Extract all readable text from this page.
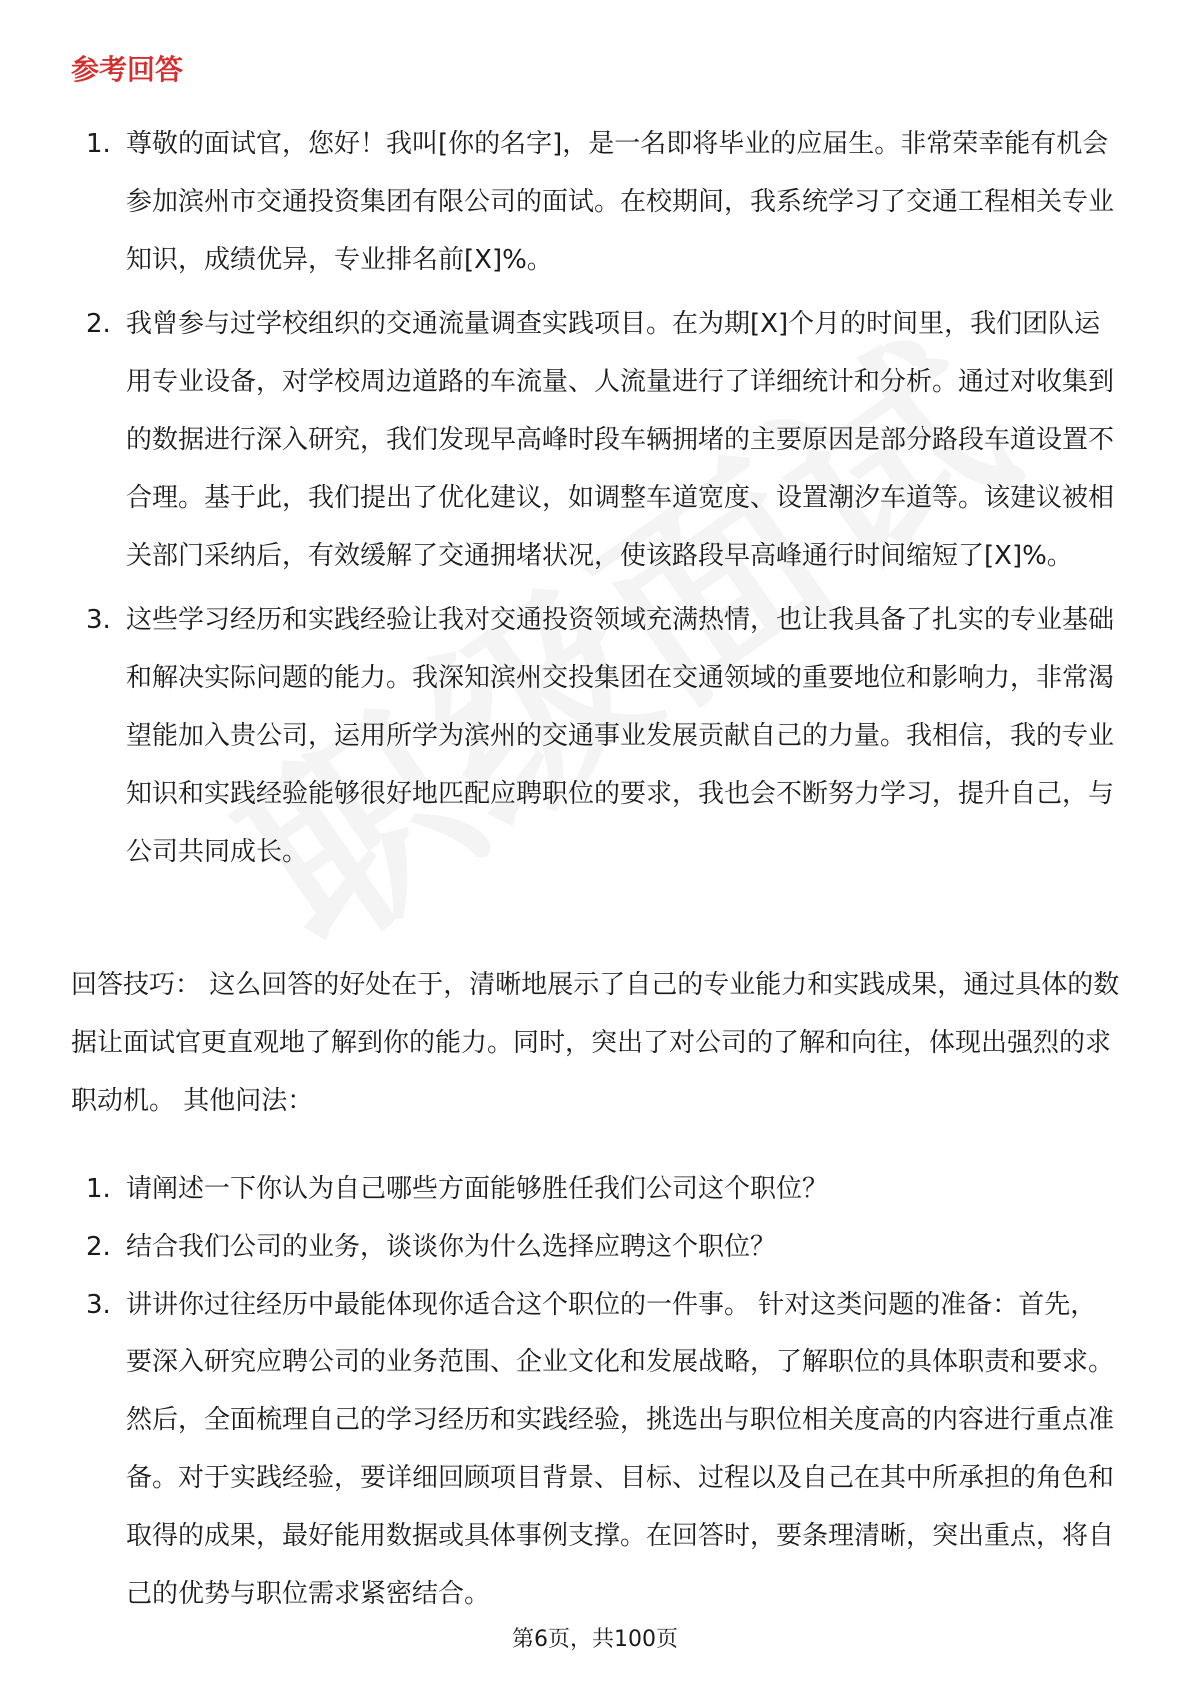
参考回答
1. 尊敬的面试官，您好！我叫[你的名字]，是一名即将毕业的应届生。非常荣幸能有机会参加滨州市交通投资集团有限公司的面试。在校期间，我系统学习了交通工程相关专业知识，成绩优异，专业排名前[X]%。
2. 我曾参与过学校组织的交通流量调查实践项目。在为期[X]个月的时间里，我们团队运用专业设备，对学校周边道路的车流量、人流量进行了详细统计和分析。通过对收集到的数据进行深入研究，我们发现早高峰时段车辆拥堵的主要原因是部分路段车道设置不合理。基于此，我们提出了优化建议，如调整车道宽度、设置潮汐车道等。该建议被相关部门采纳后，有效缓解了交通拥堵状况，使该路段早高峰通行时间缩短了[X]%。
3. 这些学习经历和实践经验让我对交通投资领域充满热情，也让我具备了扎实的专业基础和解决实际问题的能力。我深知滨州交投集团在交通领域的重要地位和影响力，非常渴望能加入贵公司，运用所学为滨州的交通事业发展贡献自己的力量。我相信，我的专业知识和实践经验能够很好地匹配应聘职位的要求，我也会不断努力学习，提升自己，与公司共同成长。

回答技巧： 这么回答的好处在于，清晰地展示了自己的专业能力和实践成果，通过具体的数据让面试官更直观地了解到你的能力。同时，突出了对公司的了解和向往，体现出强烈的求职动机。 其他问法：

1. 请阐述一下你认为自己哪些方面能够胜任我们公司这个职位？
2. 结合我们公司的业务，谈谈你为什么选择应聘这个职位？
3. 讲讲你过往经历中最能体现你适合这个职位的一件事。 针对这类问题的准备：首先，要深入研究应聘公司的业务范围、企业文化和发展战略，了解职位的具体职责和要求。然后，全面梳理自己的学习经历和实践经验，挑选出与职位相关度高的内容进行重点准备。对于实践经验，要详细回顾项目背景、目标、过程以及自己在其中所承担的角色和取得的成果，最好能用数据或具体事例支撑。在回答时，要条理清晰，突出重点，将自己的优势与职位需求紧密结合。
第6页，共100页
